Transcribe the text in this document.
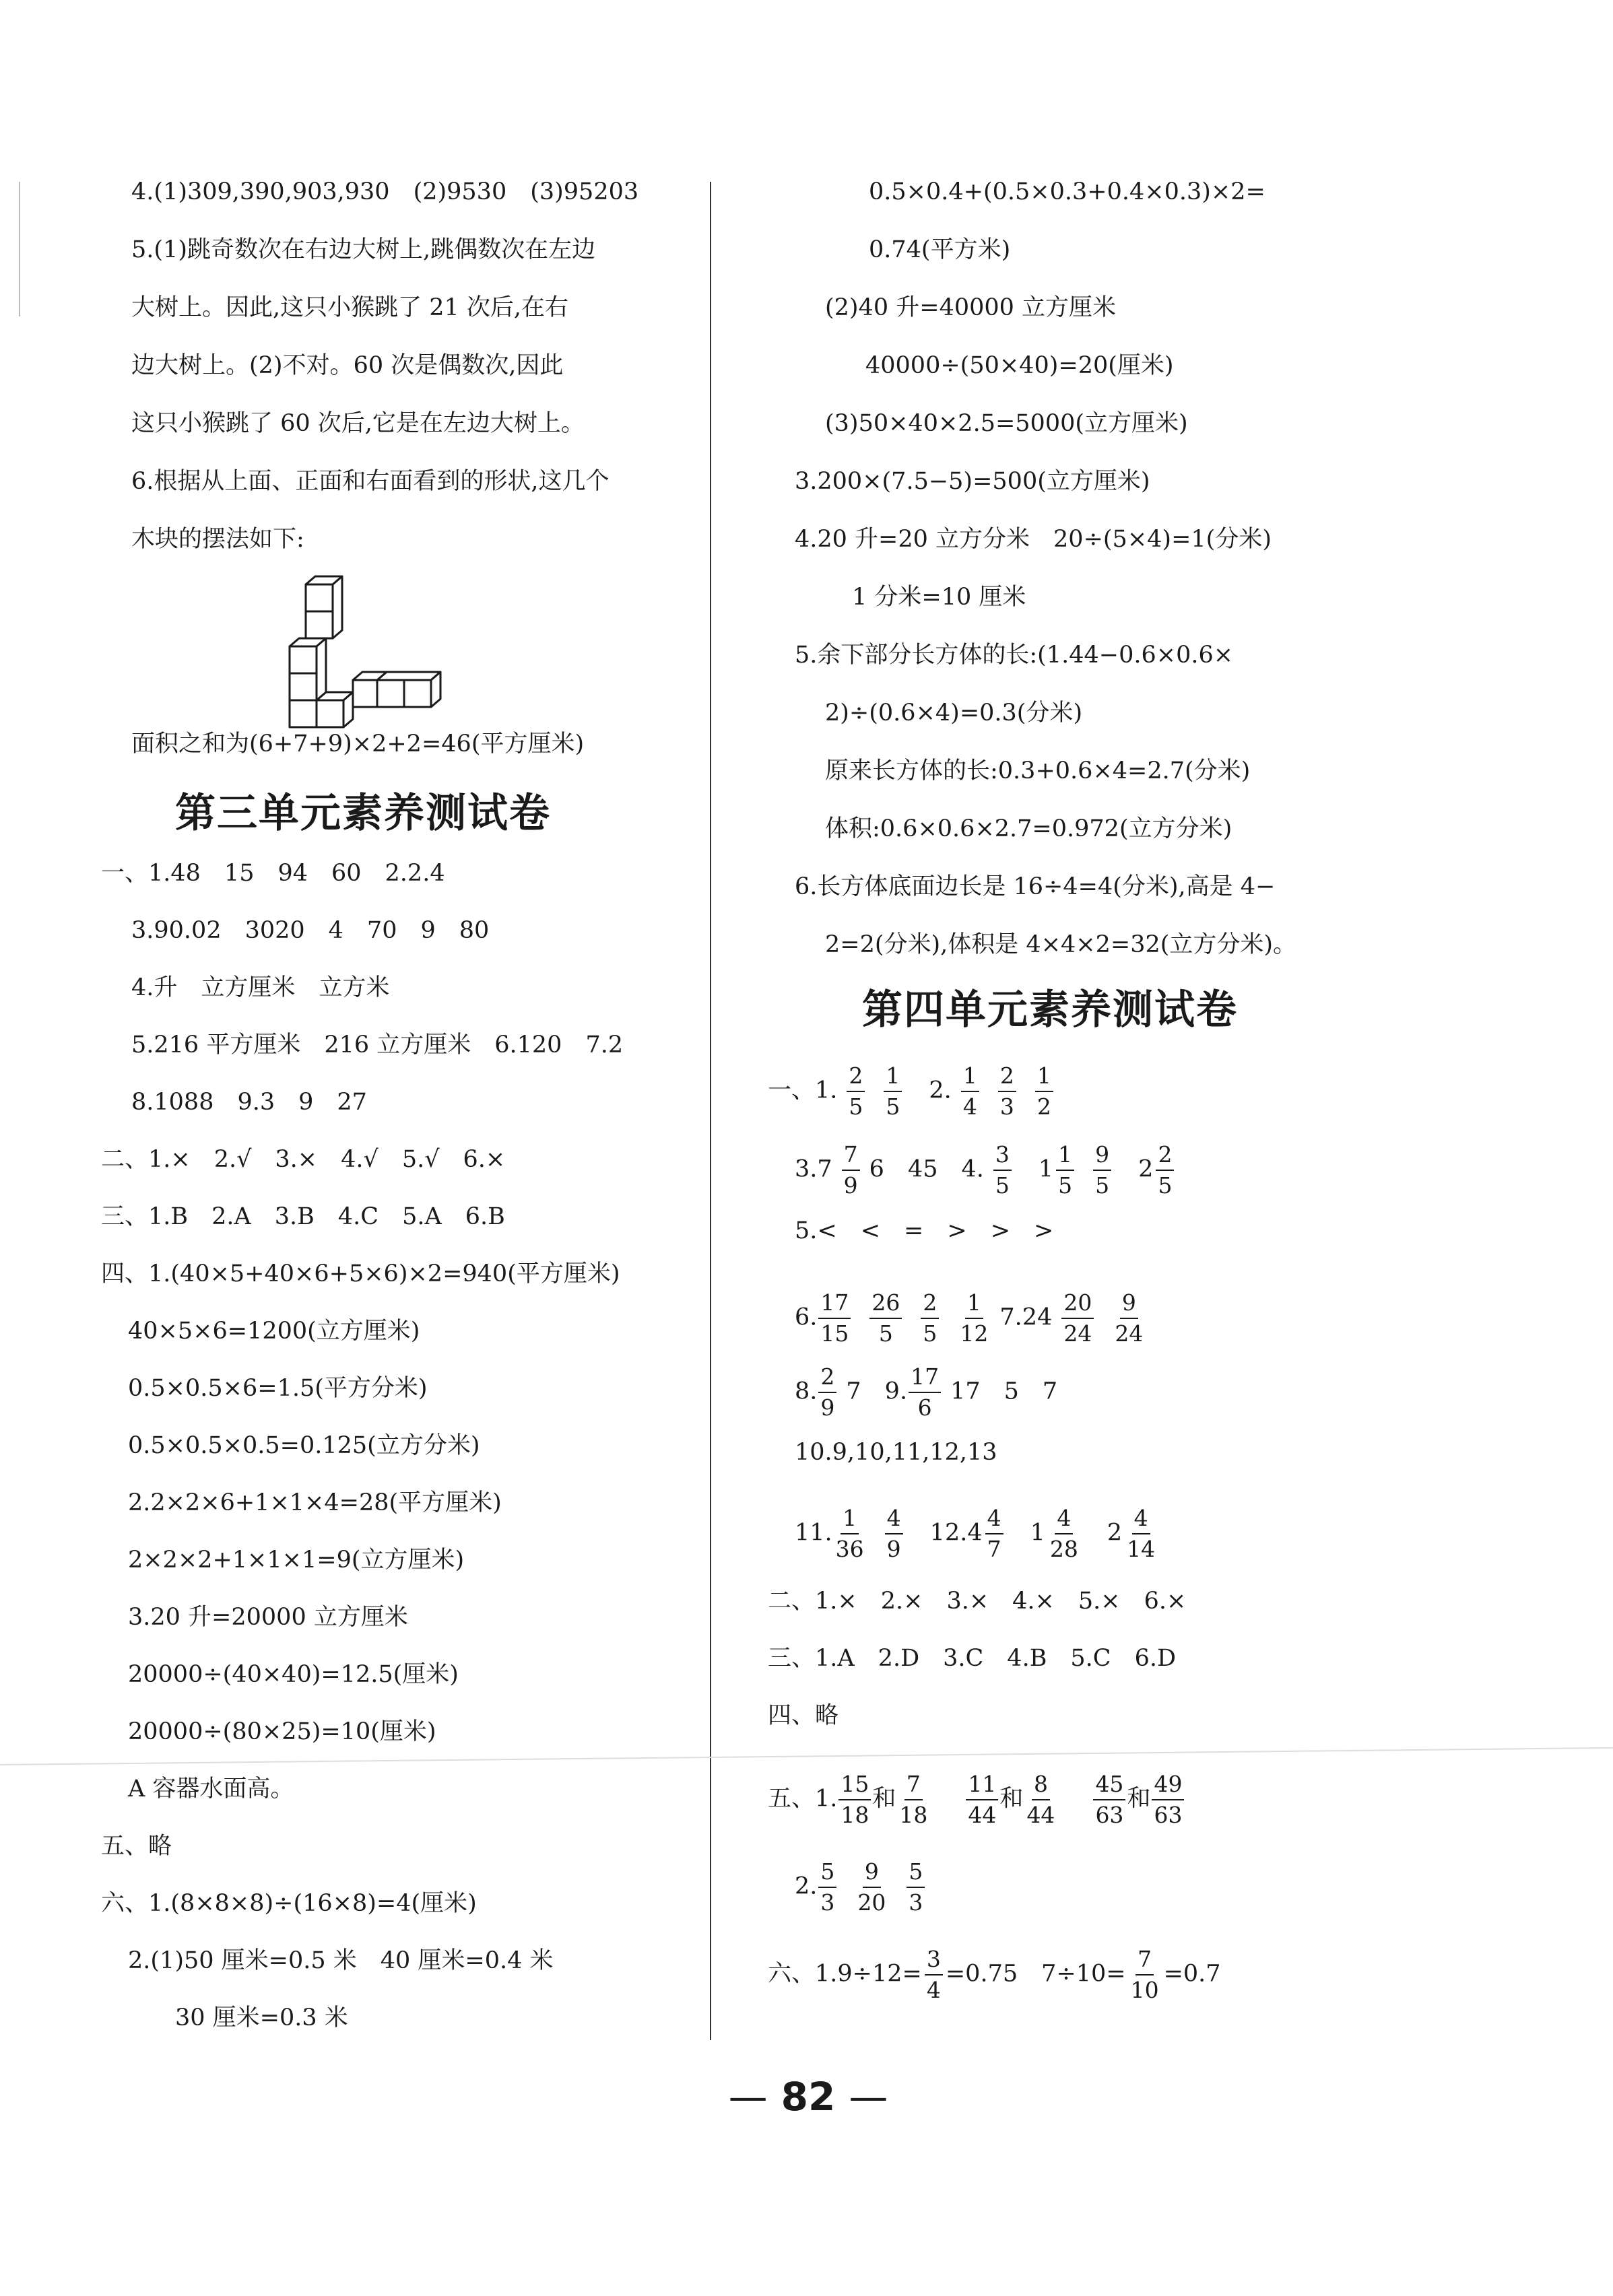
4.(1)309,390,903,930　(2)9530　(3)95203
5.(1)跳奇数次在右边大树上,跳偶数次在左边
大树上。因此,这只小猴跳了 21 次后,在右
边大树上。(2)不对。60 次是偶数次,因此
这只小猴跳了 60 次后,它是在左边大树上。
6.根据从上面、正面和右面看到的形状,这几个
木块的摆法如下:
面积之和为(6+7+9)×2+2=46(平方厘米)
第三单元素养测试卷
一、1.48　15　94　60　2.2.4
3.90.02　3020　4　70　9　80
4.升　立方厘米　立方米
5.216 平方厘米　216 立方厘米　6.120　7.2
8.1088　9.3　9　27
二、1.×　2.√　3.×　4.√　5.√　6.×
三、1.B　2.A　3.B　4.C　5.A　6.B
四、1.(40×5+40×6+5×6)×2=940(平方厘米)
40×5×6=1200(立方厘米)
0.5×0.5×6=1.5(平方分米)
0.5×0.5×0.5=0.125(立方分米)
2.2×2×6+1×1×4=28(平方厘米)
2×2×2+1×1×1=9(立方厘米)
3.20 升=20000 立方厘米
20000÷(40×40)=12.5(厘米)
20000÷(80×25)=10(厘米)
A 容器水面高。
五、略
六、1.(8×8×8)÷(16×8)=4(厘米)
2.(1)50 厘米=0.5 米　40 厘米=0.4 米
30 厘米=0.3 米
0.5×0.4+(0.5×0.3+0.4×0.3)×2=
0.74(平方米)
(2)40 升=40000 立方厘米
40000÷(50×40)=20(厘米)
(3)50×40×2.5=5000(立方厘米)
3.200×(7.5−5)=500(立方厘米)
4.20 升=20 立方分米　20÷(5×4)=1(分米)
1 分米=10 厘米
5.余下部分长方体的长:(1.44−0.6×0.6×
2)÷(0.6×4)=0.3(分米)
原来长方体的长:0.3+0.6×4=2.7(分米)
体积:0.6×0.6×2.7=0.972(立方分米)
6.长方体底面边长是 16÷4=4(分米),高是 4−
2=2(分米),体积是 4×4×2=32(立方分米)。
第四单元素养测试卷
一、1. $\frac{2}{5} \frac{1}{5} 2$. $\frac{1}{4} \frac{2}{3} \frac{1}{2}$
$3.7 \frac{7}{9} 6$　45　4. $\frac{3}{5} 1 \frac{1}{5} \frac{9}{5} 2 \frac{2}{5}$
5.<　<　=　>　>　>
6. $\frac{17}{15} \frac{26}{5} \frac{2}{5} \frac{1}{12} 7.24 \frac{20}{24} \frac{9}{24}$
8. $\frac{2}{9} 7$　9. $\frac{17}{6} 17$　5　7
10.9,10,11,12,13
11. $\frac{1}{36} \frac{4}{9} 12.4 \frac{4}{7} 1 \frac{4}{28} 2 \frac{4}{14}$
二、1.×　2.×　3.×　4.×　5.×　6.×
三、1.A　2.D　3.C　4.B　5.C　6.D
四、略
五、1. $\frac{15}{18}$ 和 $\frac{7}{18} \frac{11}{44}$ 和 $\frac{8}{44} \frac{45}{63}$ 和 $\frac{49}{63}$
2. $\frac{5}{3} \frac{9}{20} \frac{5}{3}$
六、$1.9\div 12= \frac{3}{4} =0.75$　$7\div 10= \frac{7}{10} =0.7$
— 82 —
